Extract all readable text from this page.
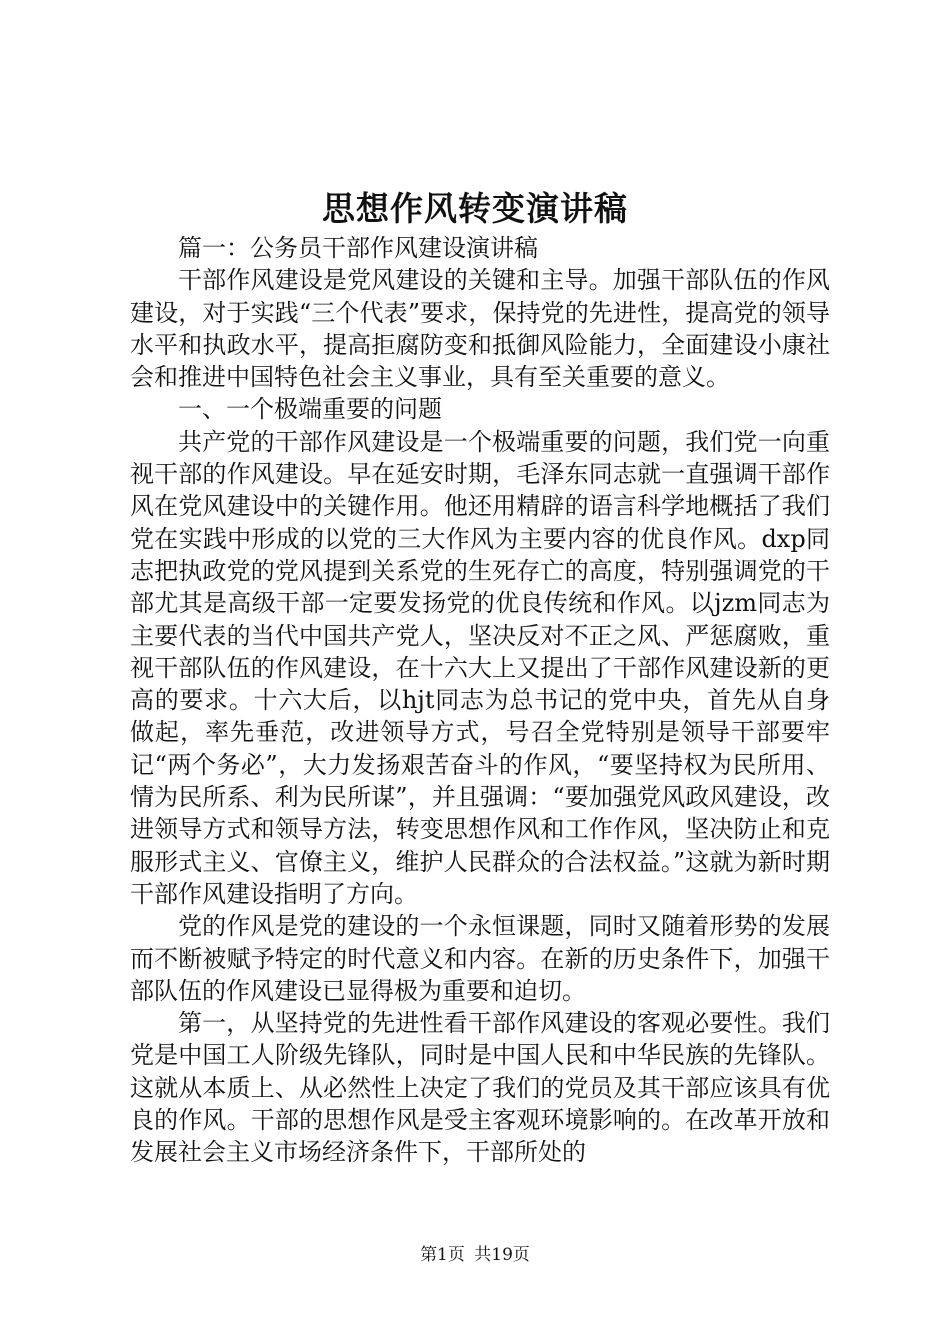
思想作风转变演讲稿

篇一：公务员干部作风建设演讲稿

干部作风建设是党风建设的关键和主导。加强干部队伍的作风建设，对于实践“三个代表”要求，保持党的先进性，提高党的领导水平和执政水平，提高拒腐防变和抵御风险能力，全面建设小康社会和推进中国特色社会主义事业，具有至关重要的意义。

一、一个极端重要的问题

共产党的干部作风建设是一个极端重要的问题，我们党一向重视干部的作风建设。早在延安时期，毛泽东同志就一直强调干部作风在党风建设中的关键作用。他还用精辟的语言科学地概括了我们党在实践中形成的以党的三大作风为主要内容的优良作风。dxp同志把执政党的党风提到关系党的生死存亡的高度，特别强调党的干部尤其是高级干部一定要发扬党的优良传统和作风。以jzm同志为主要代表的当代中国共产党人，坚决反对不正之风、严惩腐败，重视干部队伍的作风建设，在十六大上又提出了干部作风建设新的更高的要求。十六大后，以hjt同志为总书记的党中央，首先从自身做起，率先垂范，改进领导方式，号召全党特别是领导干部要牢记“两个务必”，大力发扬艰苦奋斗的作风，“要坚持权为民所用、情为民所系、利为民所谋”，并且强调：“要加强党风政风建设，改进领导方式和领导方法，转变思想作风和工作作风，坚决防止和克服形式主义、官僚主义，维护人民群众的合法权益。”这就为新时期干部作风建设指明了方向。

党的作风是党的建设的一个永恒课题，同时又随着形势的发展而不断被赋予特定的时代意义和内容。在新的历史条件下，加强干部队伍的作风建设已显得极为重要和迫切。

第一，从坚持党的先进性看干部作风建设的客观必要性。我们党是中国工人阶级先锋队，同时是中国人民和中华民族的先锋队。这就从本质上、从必然性上决定了我们的党员及其干部应该具有优良的作风。干部的思想作风是受主客观环境影响的。在改革开放和发展社会主义市场经济条件下，干部所处的

第1页 共19页
